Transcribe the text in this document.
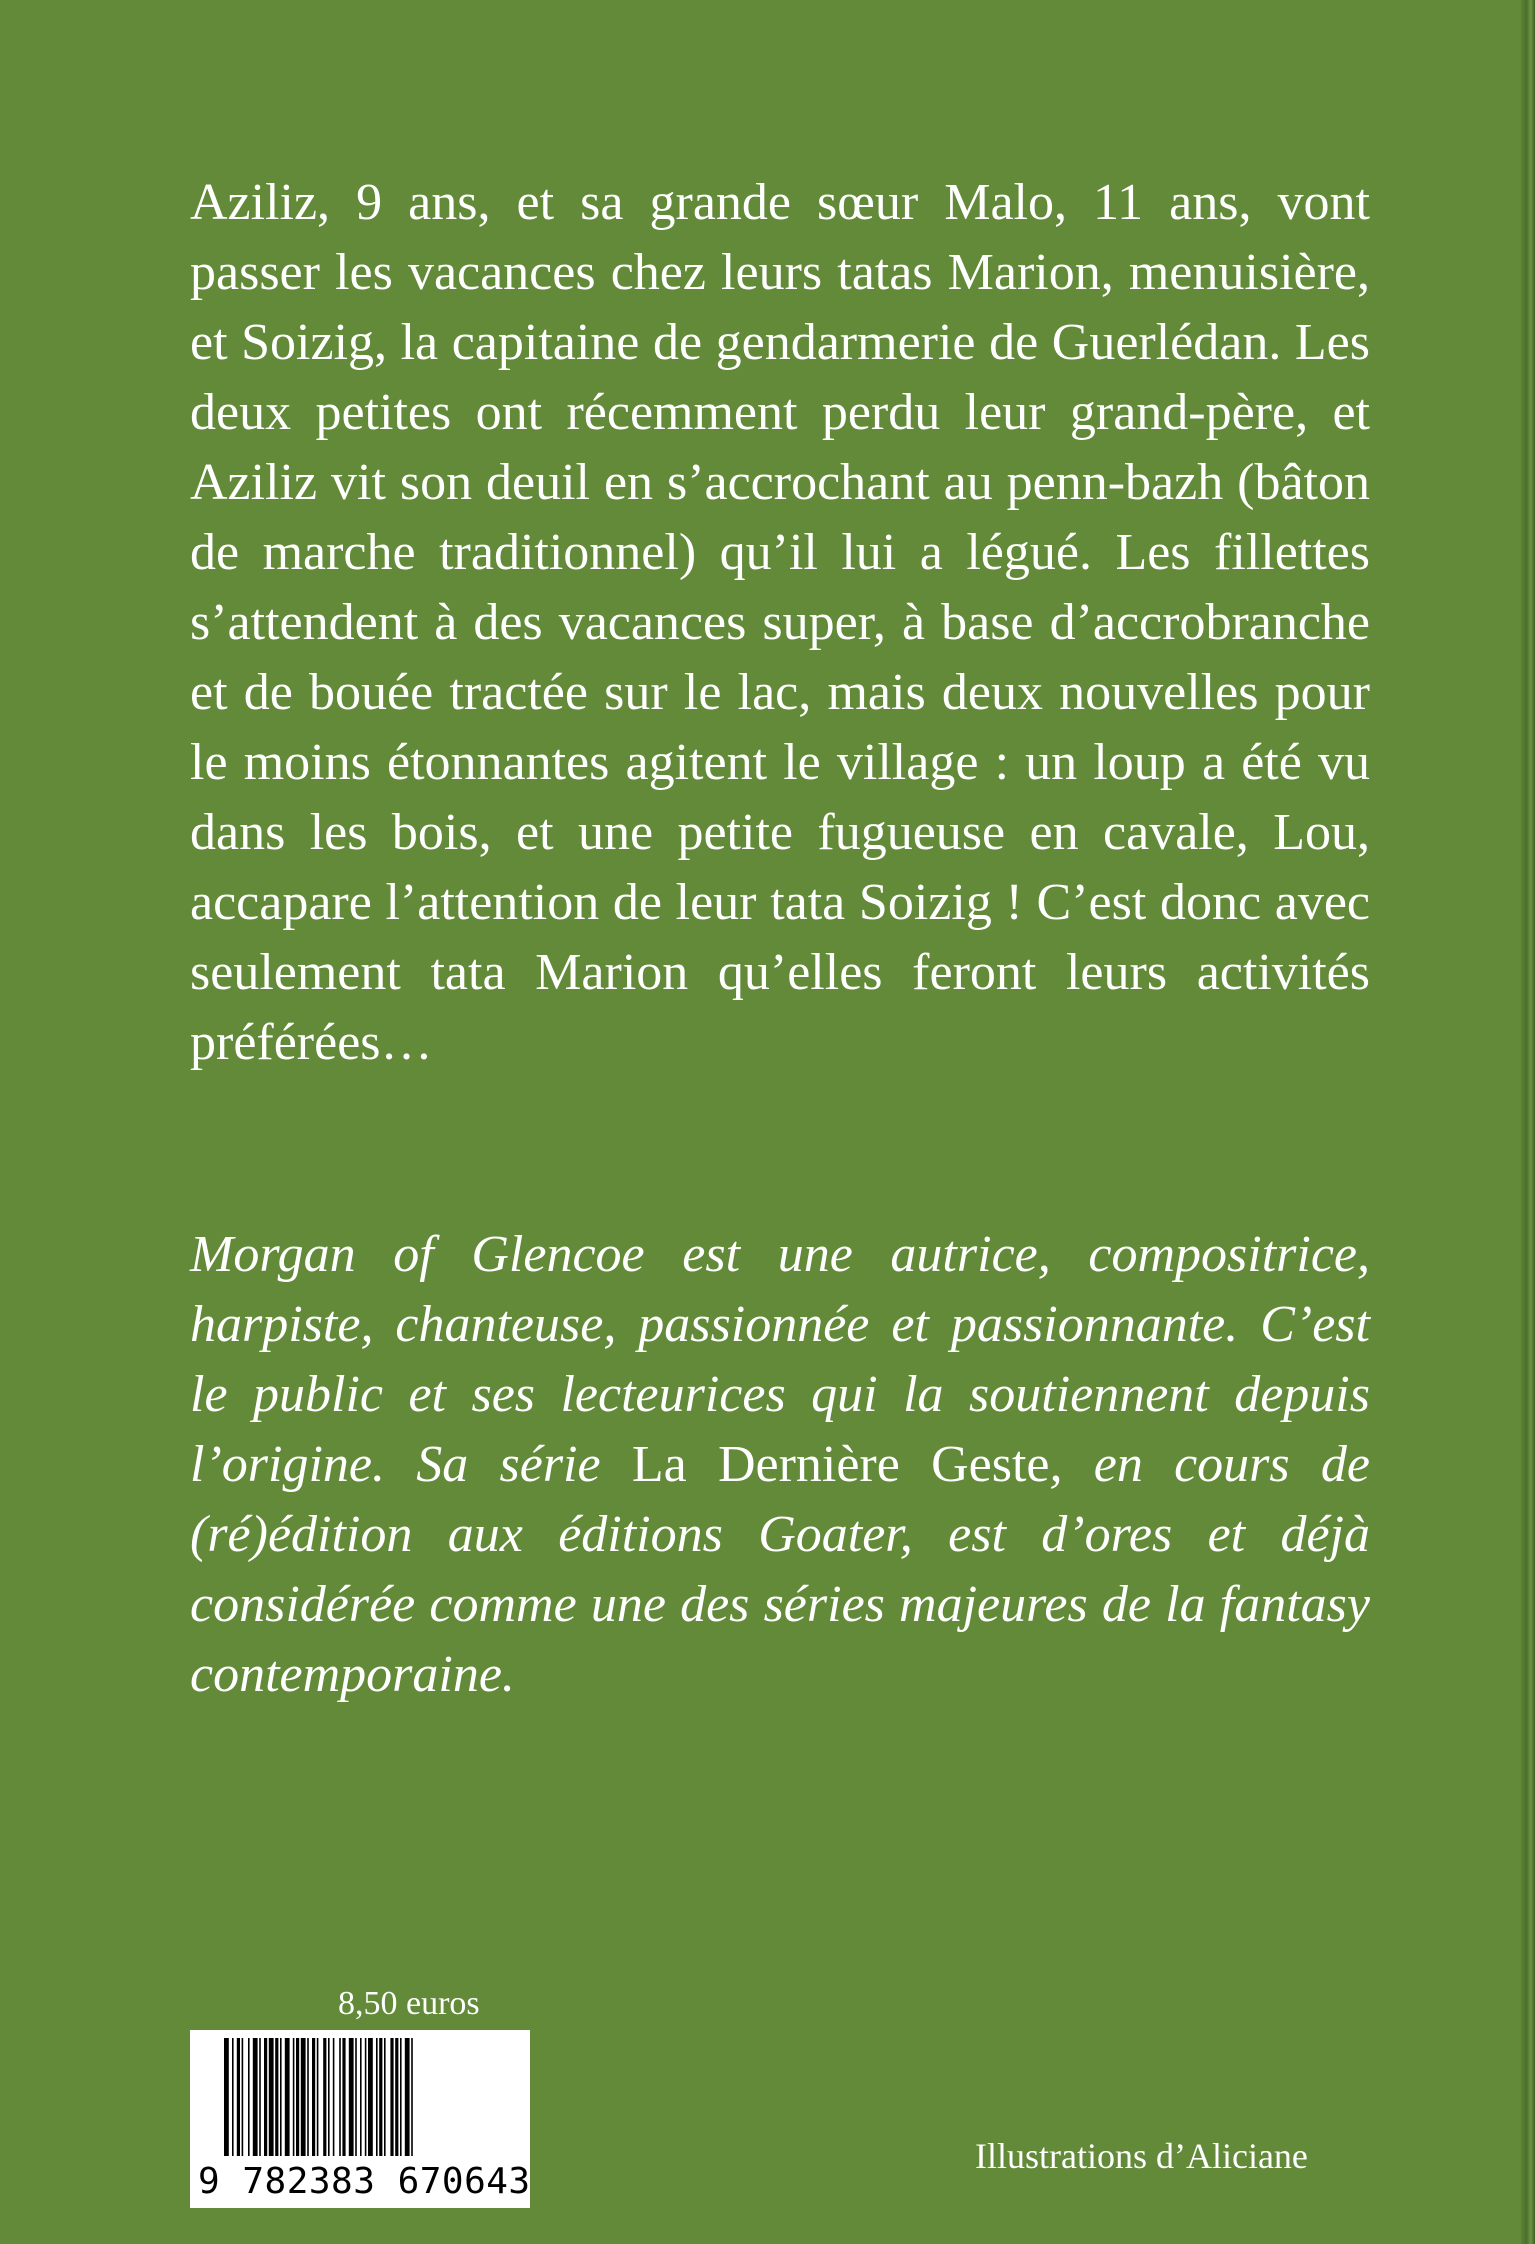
Aziliz, 9 ans, et sa grande sœur Malo, 11 ans, vont passer les vacances chez leurs tatas Marion, menuisière, et Soizig, la capitaine de gendarmerie de Guerlédan. Les deux petites ont récemment perdu leur grand-père, et Aziliz vit son deuil en s’accrochant au penn-bazh (bâton de marche traditionnel) qu’il lui a légué. Les fillettes s’attendent à des vacances super, à base d’accrobranche et de bouée tractée sur le lac, mais deux nouvelles pour le moins étonnantes agitent le village : un loup a été vu dans les bois, et une petite fugueuse en cavale, Lou, accapare l’attention de leur tata Soizig ! C’est donc avec seulement tata Marion qu’elles feront leurs activités préférées…

Morgan of Glencoe est une autrice, compositrice, harpiste, chanteuse, passionnée et passionnante. C’est le public et ses lecteurices qui la soutiennent depuis l’origine. Sa série La Dernière Geste, en cours de (ré)édition aux éditions Goater, est d’ores et déjà considérée comme une des séries majeures de la fantasy contemporaine.

8,50 euros
9 782383 670643
Illustrations d’Aliciane
